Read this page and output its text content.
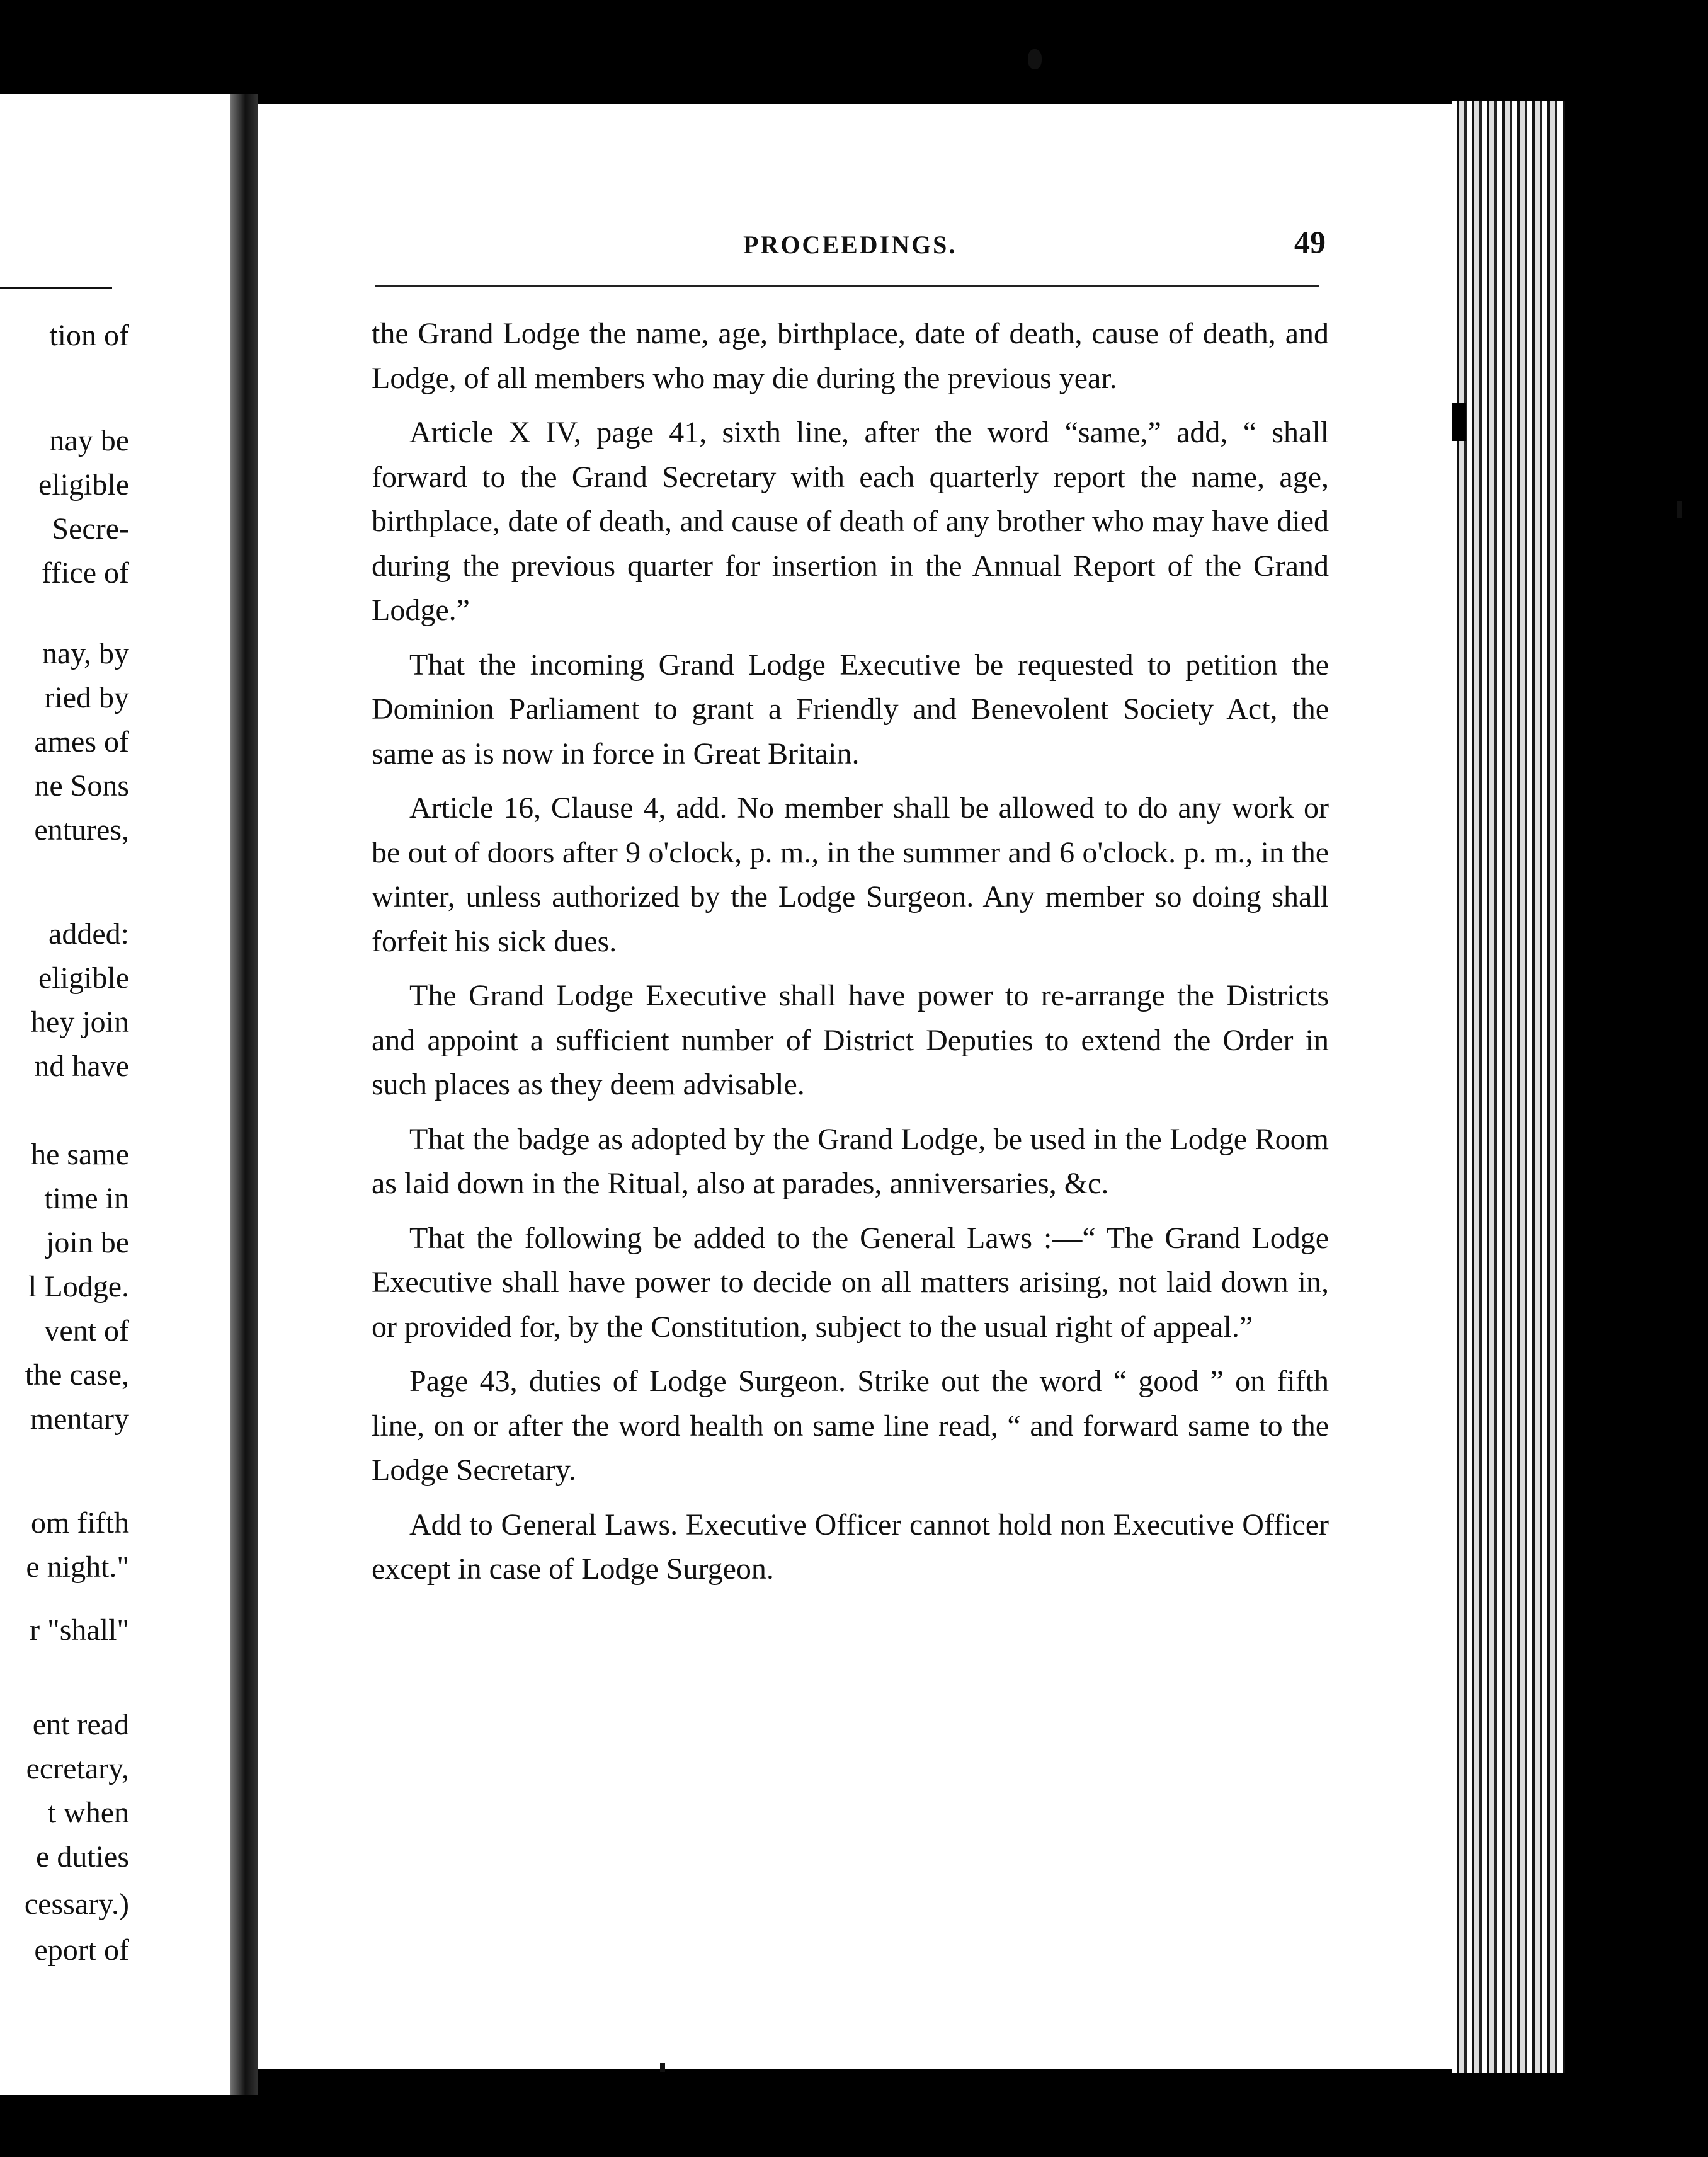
tion of
nay be
eligible
Secre-
ffice of
nay, by
ried by
ames of
ne Sons
entures,
added:
eligible
hey join
nd have
he same
time in
join be
l Lodge.
vent of
the case,
mentary
om fifth
e night."
r "shall"
ent read
ecretary,
t when
e duties
cessary.)
eport of
PROCEEDINGS.	49

the Grand Lodge the name, age, birthplace, date of death, cause of death, and Lodge, of all members who may die during the previous year.

Article X IV, page 41, sixth line, after the word “same,” add, “ shall forward to the Grand Secretary with each quarterly report the name, age, birthplace, date of death, and cause of death of any brother who may have died during the previous quarter for insertion in the Annual Report of the Grand Lodge.”

That the incoming Grand Lodge Executive be requested to petition the Dominion Parliament to grant a Friendly and Benevolent Society Act, the same as is now in force in Great Britain.

Article 16, Clause 4, add. No member shall be allowed to do any work or be out of doors after 9 o'clock, p. m., in the summer and 6 o'clock. p. m., in the winter, unless authorized by the Lodge Surgeon. Any member so doing shall forfeit his sick dues.

The Grand Lodge Executive shall have power to re-arrange the Districts and appoint a sufficient number of District Deputies to extend the Order in such places as they deem advisable.

That the badge as adopted by the Grand Lodge, be used in the Lodge Room as laid down in the Ritual, also at parades, anniversaries, &c.

That the following be added to the General Laws :—“ The Grand Lodge Executive shall have power to decide on all matters arising, not laid down in, or provided for, by the Constitution, subject to the usual right of appeal.”

Page 43, duties of Lodge Surgeon. Strike out the word “ good ” on fifth line, on or after the word health on same line read, “ and forward same to the Lodge Secretary.

Add to General Laws. Executive Officer cannot hold non Executive Officer except in case of Lodge Surgeon.
